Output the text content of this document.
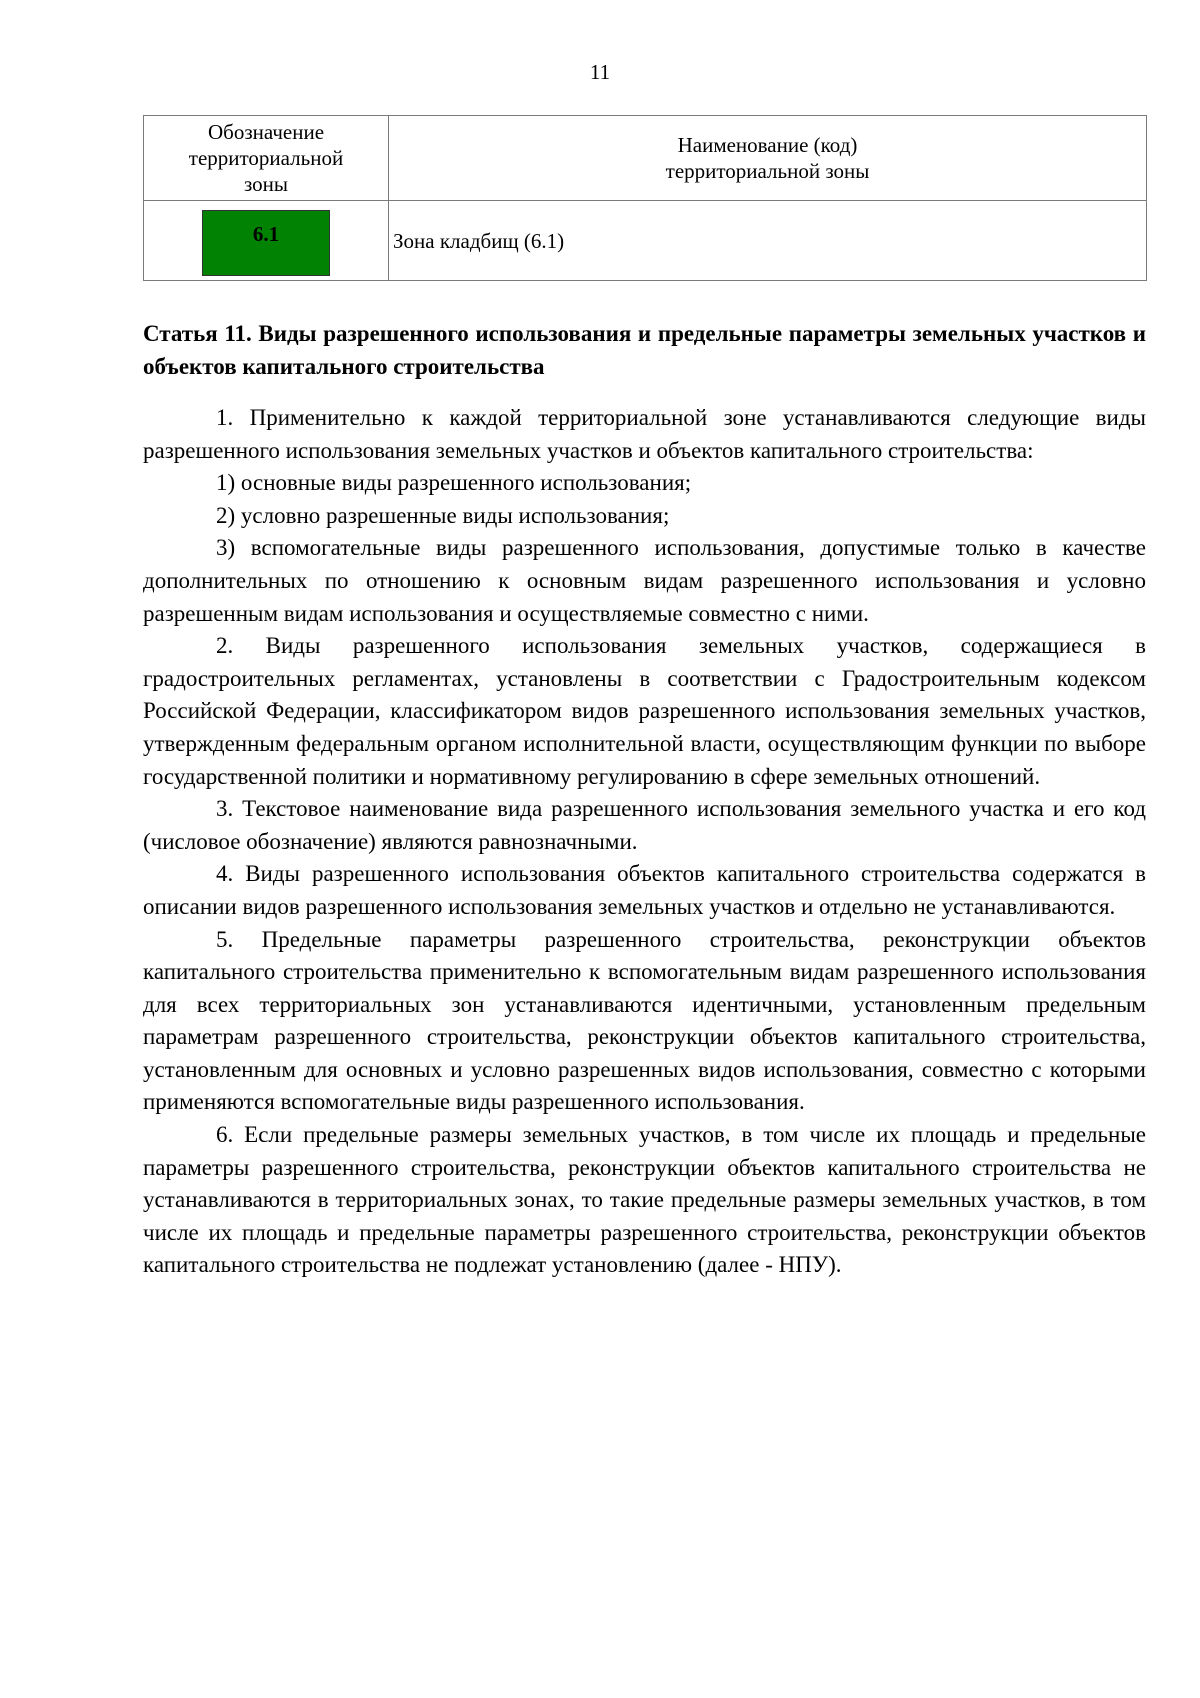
11
Обозначение территориальной зоны	Наименование (код)
территориальной зоны

6.1	Зона кладбищ (6.1)
Статья 11. Виды разрешенного использования и предельные параметры земельных участков и объектов капитального строительства

1. Применительно к каждой территориальной зоне устанавливаются следующие виды разрешенного использования земельных участков и объектов капитального строительства:

1) основные виды разрешенного использования;

2) условно разрешенные виды использования;

3) вспомогательные виды разрешенного использования, допустимые только в качестве дополнительных по отношению к основным видам разрешенного использования и условно разрешенным видам использования и осуществляемые совместно с ними.

2. Виды разрешенного использования земельных участков, содержащиеся в градостроительных регламентах, установлены в соответствии с Градостроительным кодексом Российской Федерации, классификатором видов разрешенного использования земельных участков, утвержденным федеральным органом исполнительной власти, осуществляющим функции по выборе государственной политики и нормативному регулированию в сфере земельных отношений.

3. Текстовое наименование вида разрешенного использования земельного участка и его код (числовое обозначение) являются равнозначными.

4. Виды разрешенного использования объектов капитального строительства содержатся в описании видов разрешенного использования земельных участков и отдельно не устанавливаются.

5. Предельные параметры разрешенного строительства, реконструкции объектов капитального строительства применительно к вспомогательным видам разрешенного использования для всех территориальных зон устанавливаются идентичными, установленным предельным параметрам разрешенного строительства, реконструкции объектов капитального строительства, установленным для основных и условно разрешенных видов использования, совместно с которыми применяются вспомогательные виды разрешенного использования.

6. Если предельные размеры земельных участков, в том числе их площадь и предельные параметры разрешенного строительства, реконструкции объектов капитального строительства не устанавливаются в территориальных зонах, то такие предельные размеры земельных участков, в том числе их площадь и предельные параметры разрешенного строительства, реконструкции объектов капитального строительства не подлежат установлению (далее - НПУ).
